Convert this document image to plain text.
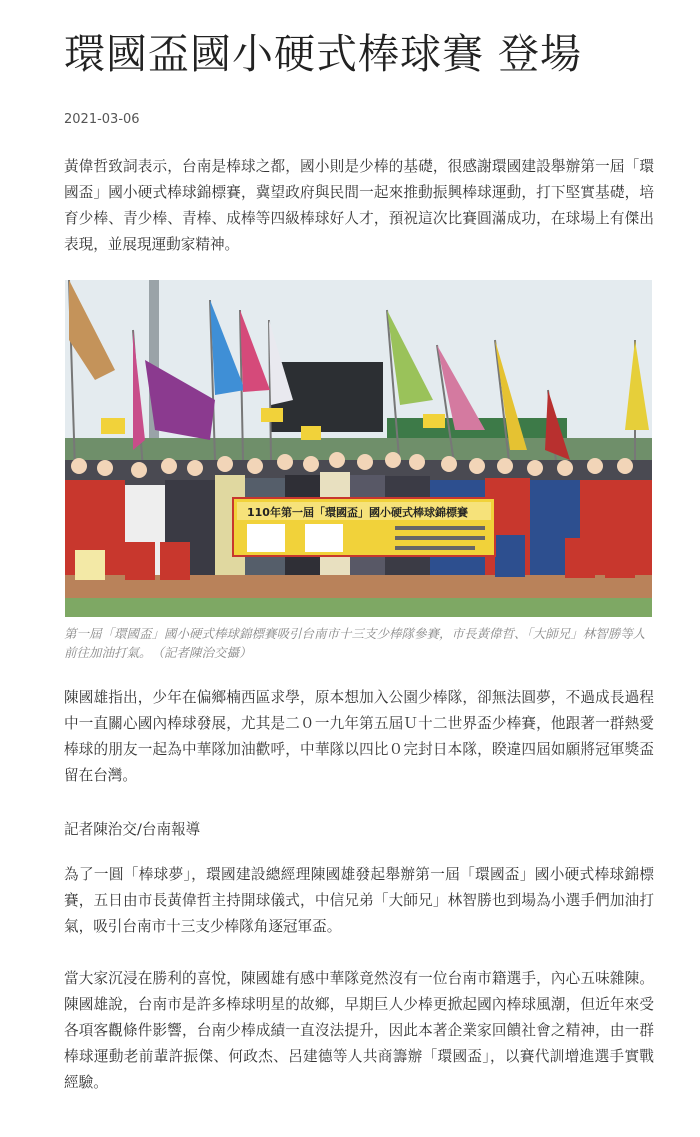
環國盃國小硬式棒球賽 登場
2021-03-06

黃偉哲致詞表示，台南是棒球之都，國小則是少棒的基礎，很感謝環國建設舉辦第一屆「環國盃」國小硬式棒球錦標賽，冀望政府與民間一起來推動振興棒球運動，打下堅實基礎，培育少棒、青少棒、青棒、成棒等四級棒球好人才，預祝這次比賽圓滿成功，在球場上有傑出表現，並展現運動家精神。

110年第一屆「環國盃」國小硬式棒球錦標賽

第一屆「環國盃」國小硬式棒球錦標賽吸引台南市十三支少棒隊參賽，市長黃偉哲、「大師兄」林智勝等人前往加油打氣。　（記者陳治交攝）

陳國雄指出，少年在偏鄉楠西區求學，原本想加入公園少棒隊，卻無法圓夢，不過成長過程中一直關心國內棒球發展，尤其是二０一九年第五屆Ｕ十二世界盃少棒賽，他跟著一群熱愛棒球的朋友一起為中華隊加油歡呼，中華隊以四比０完封日本隊，睽違四屆如願將冠軍獎盃留在台灣。

記者陳治交/台南報導

為了一圓「棒球夢」，環國建設總經理陳國雄發起舉辦第一屆「環國盃」國小硬式棒球錦標賽，五日由市長黃偉哲主持開球儀式，中信兄弟「大師兄」林智勝也到場為小選手們加油打氣，吸引台南市十三支少棒隊角逐冠軍盃。

當大家沉浸在勝利的喜悅，陳國雄有感中華隊竟然沒有一位台南市籍選手，內心五味雜陳。陳國雄說，台南市是許多棒球明星的故鄉，早期巨人少棒更掀起國內棒球風潮，但近年來受各項客觀條件影響，台南少棒成績一直沒法提升，因此本著企業家回饋社會之精神，由一群棒球運動老前輩許振傑、何政杰、呂建德等人共商籌辦「環國盃」，以賽代訓增進選手實戰經驗。
